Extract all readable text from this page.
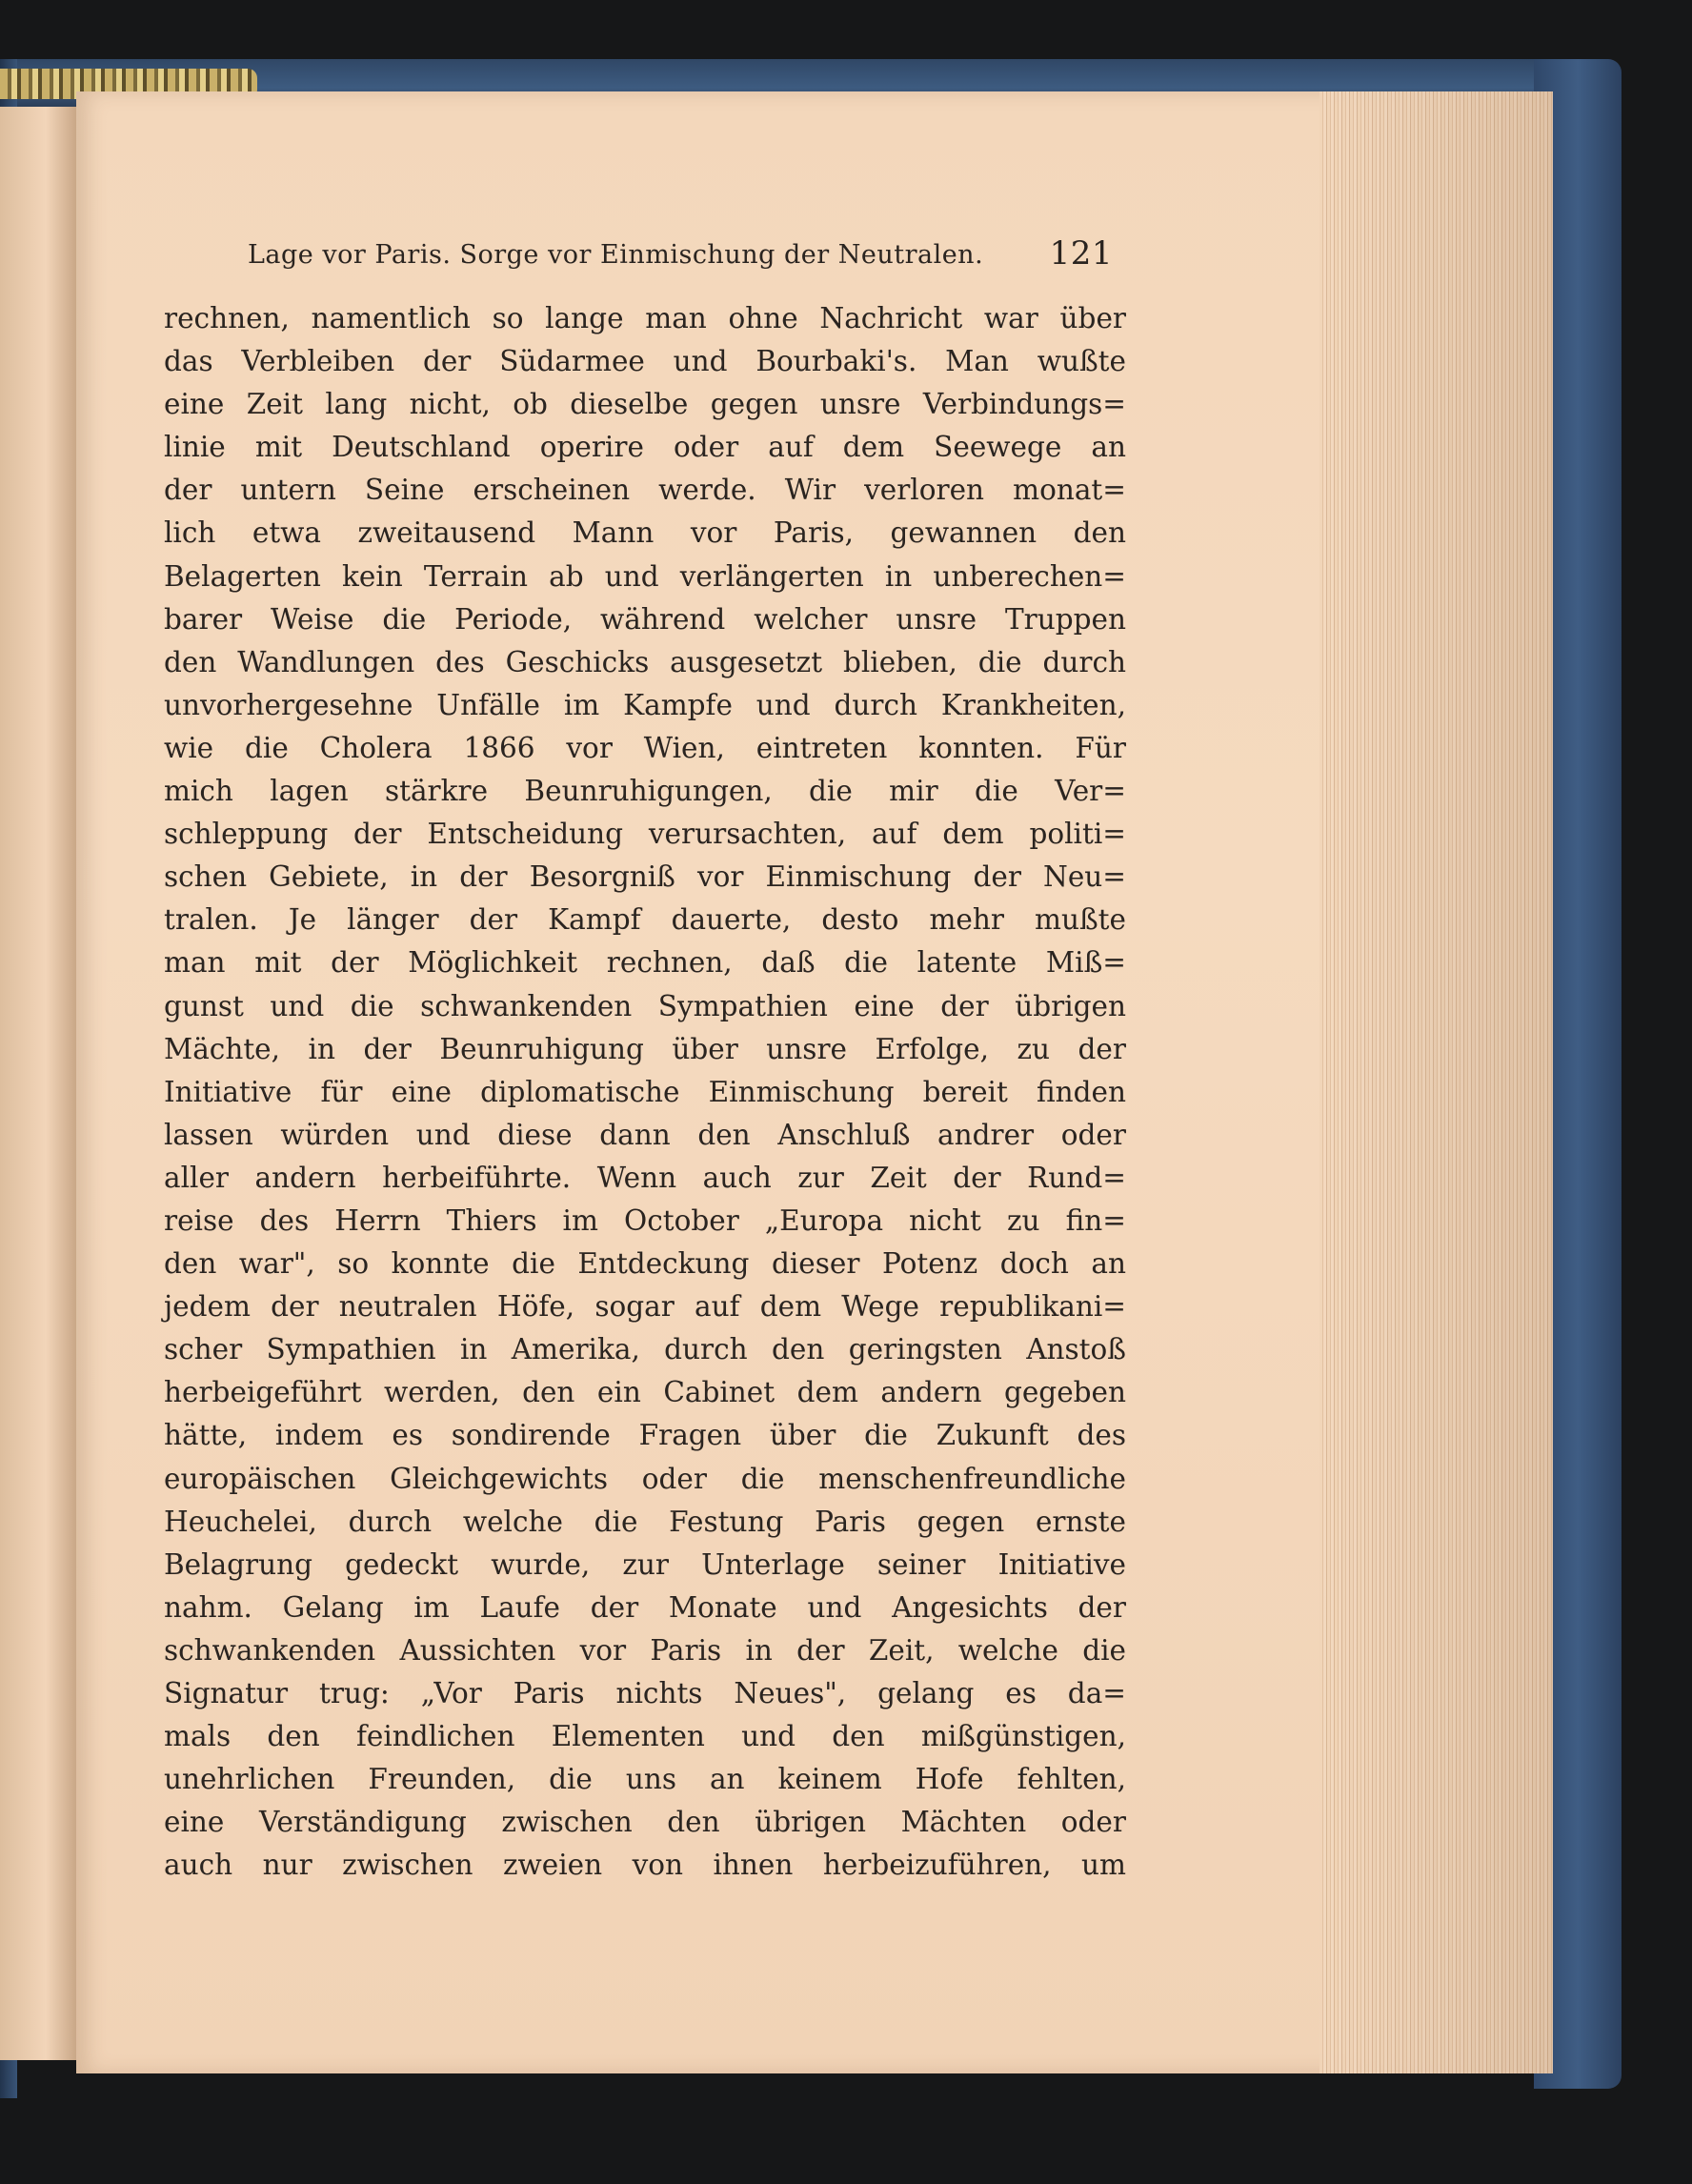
Lage vor Paris. Sorge vor Einmischung der Neutralen. 121
rechnen, namentlich so lange man ohne Nachricht war über
das Verbleiben der Südarmee und Bourbaki's. Man wußte
eine Zeit lang nicht, ob dieselbe gegen unsre Verbindungs=
linie mit Deutschland operire oder auf dem Seewege an
der untern Seine erscheinen werde. Wir verloren monat=
lich etwa zweitausend Mann vor Paris, gewannen den
Belagerten kein Terrain ab und verlängerten in unberechen=
barer Weise die Periode, während welcher unsre Truppen
den Wandlungen des Geschicks ausgesetzt blieben, die durch
unvorhergesehne Unfälle im Kampfe und durch Krankheiten,
wie die Cholera 1866 vor Wien, eintreten konnten. Für
mich lagen stärkre Beunruhigungen, die mir die Ver=
schleppung der Entscheidung verursachten, auf dem politi=
schen Gebiete, in der Besorgniß vor Einmischung der Neu=
tralen. Je länger der Kampf dauerte, desto mehr mußte
man mit der Möglichkeit rechnen, daß die latente Miß=
gunst und die schwankenden Sympathien eine der übrigen
Mächte, in der Beunruhigung über unsre Erfolge, zu der
Initiative für eine diplomatische Einmischung bereit finden
lassen würden und diese dann den Anschluß andrer oder
aller andern herbeiführte. Wenn auch zur Zeit der Rund=
reise des Herrn Thiers im October „Europa nicht zu fin=
den war", so konnte die Entdeckung dieser Potenz doch an
jedem der neutralen Höfe, sogar auf dem Wege republikani=
scher Sympathien in Amerika, durch den geringsten Anstoß
herbeigeführt werden, den ein Cabinet dem andern gegeben
hätte, indem es sondirende Fragen über die Zukunft des
europäischen Gleichgewichts oder die menschenfreundliche
Heuchelei, durch welche die Festung Paris gegen ernste
Belagrung gedeckt wurde, zur Unterlage seiner Initiative
nahm. Gelang im Laufe der Monate und Angesichts der
schwankenden Aussichten vor Paris in der Zeit, welche die
Signatur trug: „Vor Paris nichts Neues", gelang es da=
mals den feindlichen Elementen und den mißgünstigen,
unehrlichen Freunden, die uns an keinem Hofe fehlten,
eine Verständigung zwischen den übrigen Mächten oder
auch nur zwischen zweien von ihnen herbeizuführen, um
